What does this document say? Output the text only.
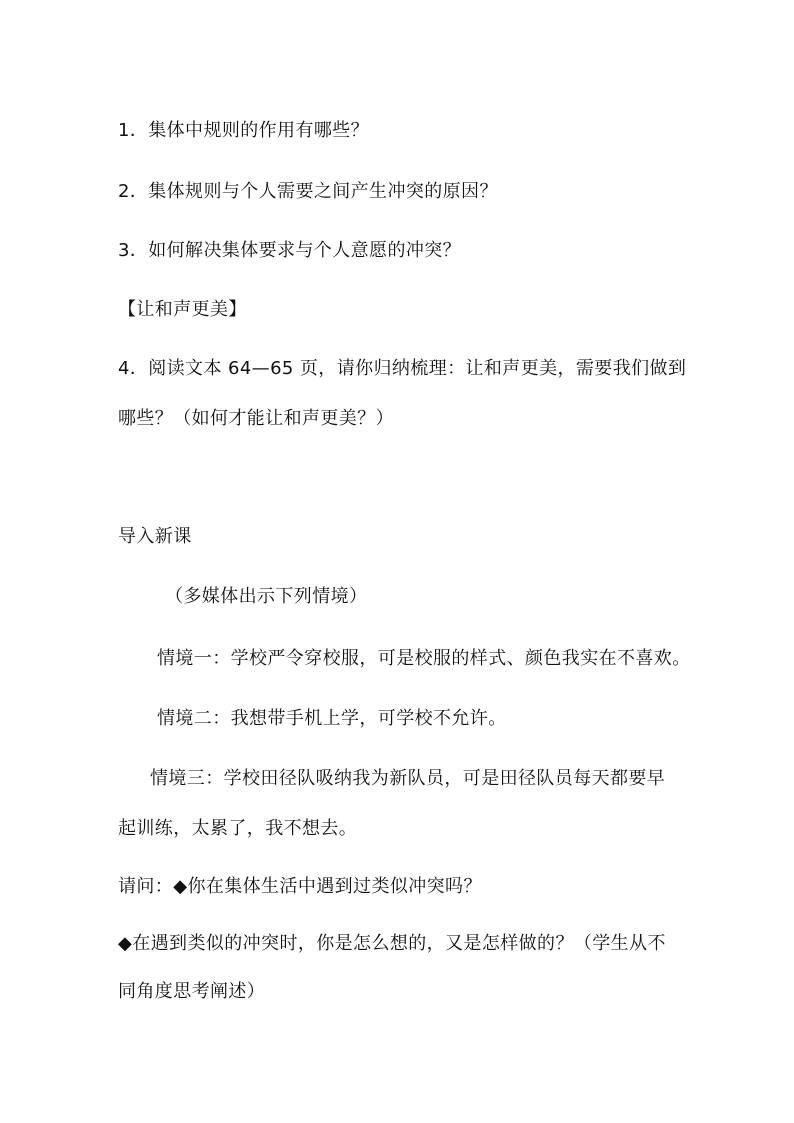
1．集体中规则的作用有哪些？
2．集体规则与个人需要之间产生冲突的原因？
3．如何解决集体要求与个人意愿的冲突？
【让和声更美】
4．阅读文本 64—65 页，请你归纳梳理：让和声更美，需要我们做到
哪些？（如何才能让和声更美？）
导入新课
（多媒体出示下列情境）
情境一：学校严令穿校服，可是校服的样式、颜色我实在不喜欢。
情境二：我想带手机上学，可学校不允许。
情境三：学校田径队吸纳我为新队员，可是田径队员每天都要早
起训练，太累了，我不想去。
请问：◆你在集体生活中遇到过类似冲突吗？
◆在遇到类似的冲突时，你是怎么想的，又是怎样做的？（学生从不
同角度思考阐述）
